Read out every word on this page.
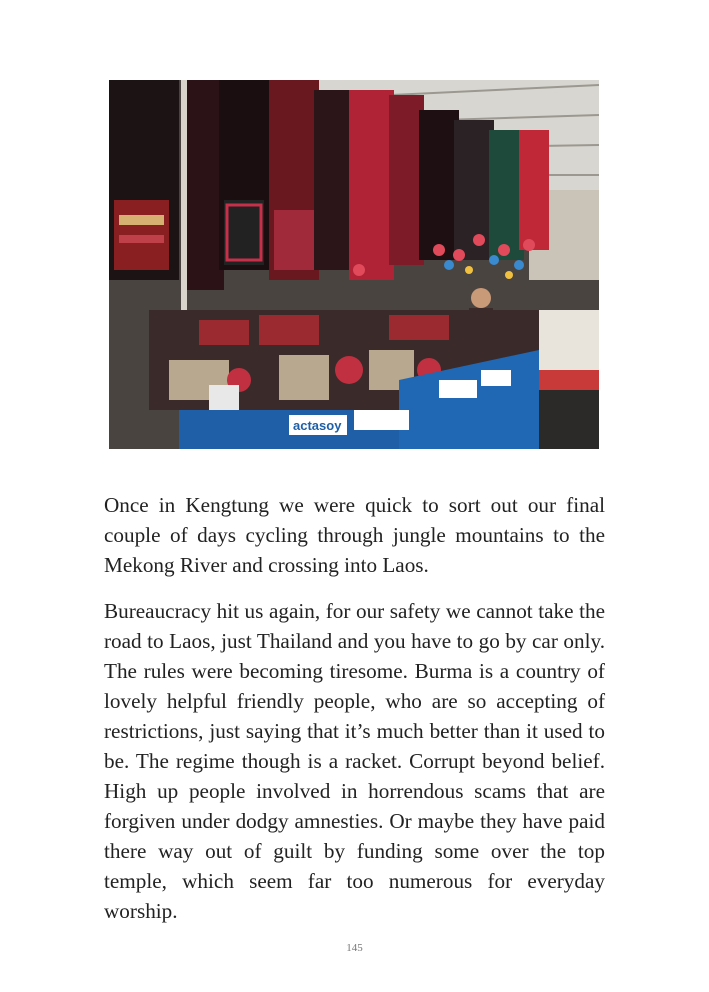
actasoy

Once in Kengtung we were quick to sort out our final couple of days cycling through jungle mountains to the Mekong River and crossing into Laos.

Bureaucracy hit us again, for our safety we cannot take the road to Laos, just Thailand and you have to go by car only. The rules were becoming tiresome. Burma is a country of lovely helpful friendly people, who are so accepting of restrictions, just saying that it’s much better than it used to be. The regime though is a racket. Corrupt beyond belief. High up people involved in horrendous scams that are forgiven under dodgy amnesties. Or maybe they have paid there way out of guilt by funding some over the top temple, which seem far too numerous for everyday worship.

145
